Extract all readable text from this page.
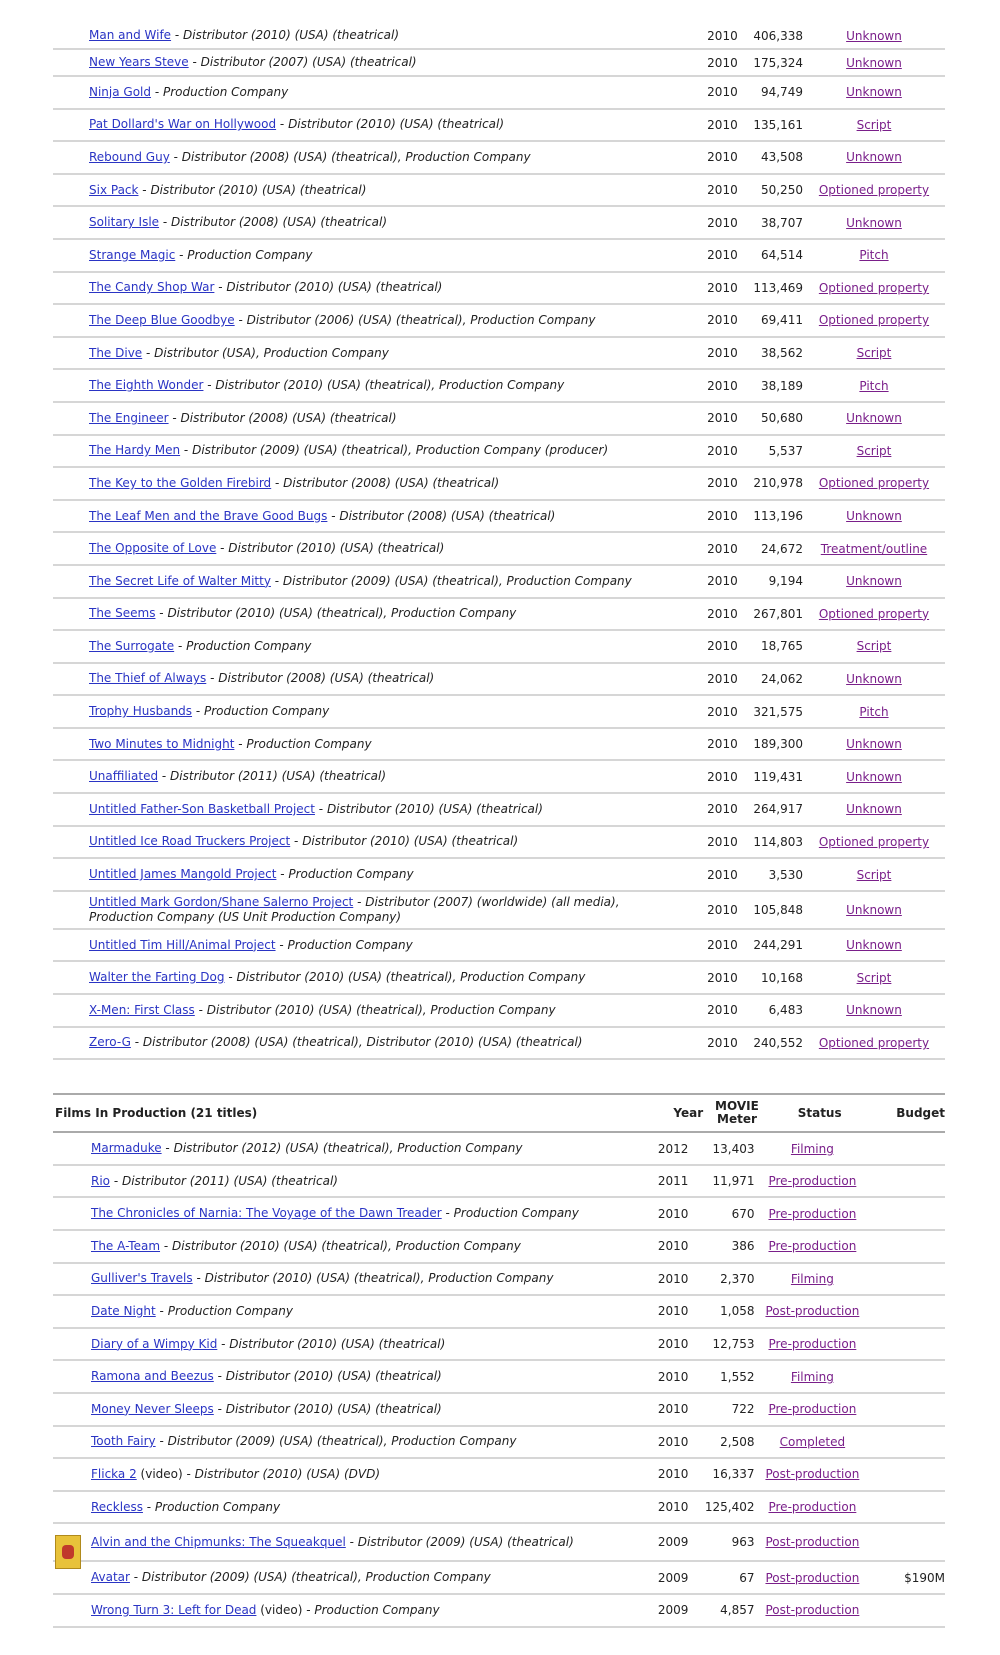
Man and Wife - Distributor (2010) (USA) (theatrical)	2010	406,338	Unknown
New Years Steve - Distributor (2007) (USA) (theatrical)	2010	175,324	Unknown
Ninja Gold - Production Company	2010	94,749	Unknown
Pat Dollard's War on Hollywood - Distributor (2010) (USA) (theatrical)	2010	135,161	Script
Rebound Guy - Distributor (2008) (USA) (theatrical), Production Company	2010	43,508	Unknown
Six Pack - Distributor (2010) (USA) (theatrical)	2010	50,250	Optioned property
Solitary Isle - Distributor (2008) (USA) (theatrical)	2010	38,707	Unknown
Strange Magic - Production Company	2010	64,514	Pitch
The Candy Shop War - Distributor (2010) (USA) (theatrical)	2010	113,469	Optioned property
The Deep Blue Goodbye - Distributor (2006) (USA) (theatrical), Production Company	2010	69,411	Optioned property
The Dive - Distributor (USA), Production Company	2010	38,562	Script
The Eighth Wonder - Distributor (2010) (USA) (theatrical), Production Company	2010	38,189	Pitch
The Engineer - Distributor (2008) (USA) (theatrical)	2010	50,680	Unknown
The Hardy Men - Distributor (2009) (USA) (theatrical), Production Company (producer)	2010	5,537	Script
The Key to the Golden Firebird - Distributor (2008) (USA) (theatrical)	2010	210,978	Optioned property
The Leaf Men and the Brave Good Bugs - Distributor (2008) (USA) (theatrical)	2010	113,196	Unknown
The Opposite of Love - Distributor (2010) (USA) (theatrical)	2010	24,672	Treatment/outline
The Secret Life of Walter Mitty - Distributor (2009) (USA) (theatrical), Production Company	2010	9,194	Unknown
The Seems - Distributor (2010) (USA) (theatrical), Production Company	2010	267,801	Optioned property
The Surrogate - Production Company	2010	18,765	Script
The Thief of Always - Distributor (2008) (USA) (theatrical)	2010	24,062	Unknown
Trophy Husbands - Production Company	2010	321,575	Pitch
Two Minutes to Midnight - Production Company	2010	189,300	Unknown
Unaffiliated - Distributor (2011) (USA) (theatrical)	2010	119,431	Unknown
Untitled Father-Son Basketball Project - Distributor (2010) (USA) (theatrical)	2010	264,917	Unknown
Untitled Ice Road Truckers Project - Distributor (2010) (USA) (theatrical)	2010	114,803	Optioned property
Untitled James Mangold Project - Production Company	2010	3,530	Script
Untitled Mark Gordon/Shane Salerno Project - Distributor (2007) (worldwide) (all media), Production Company (US Unit Production Company)	2010	105,848	Unknown
Untitled Tim Hill/Animal Project - Production Company	2010	244,291	Unknown
Walter the Farting Dog - Distributor (2010) (USA) (theatrical), Production Company	2010	10,168	Script
X-Men: First Class - Distributor (2010) (USA) (theatrical), Production Company	2010	6,483	Unknown
Zero-G - Distributor (2008) (USA) (theatrical), Distributor (2010) (USA) (theatrical)	2010	240,552	Optioned property
Films In Production (21 titles)	Year MOVIE Meter	Status	Budget
Marmaduke - Distributor (2012) (USA) (theatrical), Production Company	2012	13,403	Filming
Rio - Distributor (2011) (USA) (theatrical)	2011	11,971	Pre-production
The Chronicles of Narnia: The Voyage of the Dawn Treader - Production Company	2010	670	Pre-production
The A-Team - Distributor (2010) (USA) (theatrical), Production Company	2010	386	Pre-production
Gulliver's Travels - Distributor (2010) (USA) (theatrical), Production Company	2010	2,370	Filming
Date Night - Production Company	2010	1,058 Post-production
Diary of a Wimpy Kid - Distributor (2010) (USA) (theatrical)	2010	12,753	Pre-production
Ramona and Beezus - Distributor (2010) (USA) (theatrical)	2010	1,552	Filming
Money Never Sleeps - Distributor (2010) (USA) (theatrical)	2010	722	Pre-production
Tooth Fairy - Distributor (2009) (USA) (theatrical), Production Company	2010	2,508	Completed
Flicka 2 (video) - Distributor (2010) (USA) (DVD)	2010	16,337 Post-production
Reckless - Production Company	2010	125,402	Pre-production
Alvin and the Chipmunks: The Squeakquel - Distributor (2009) (USA) (theatrical)	2009	963 Post-production
Avatar - Distributor (2009) (USA) (theatrical), Production Company	2009	67 Post-production	$190M
Wrong Turn 3: Left for Dead (video) - Production Company	2009	4,857 Post-production
